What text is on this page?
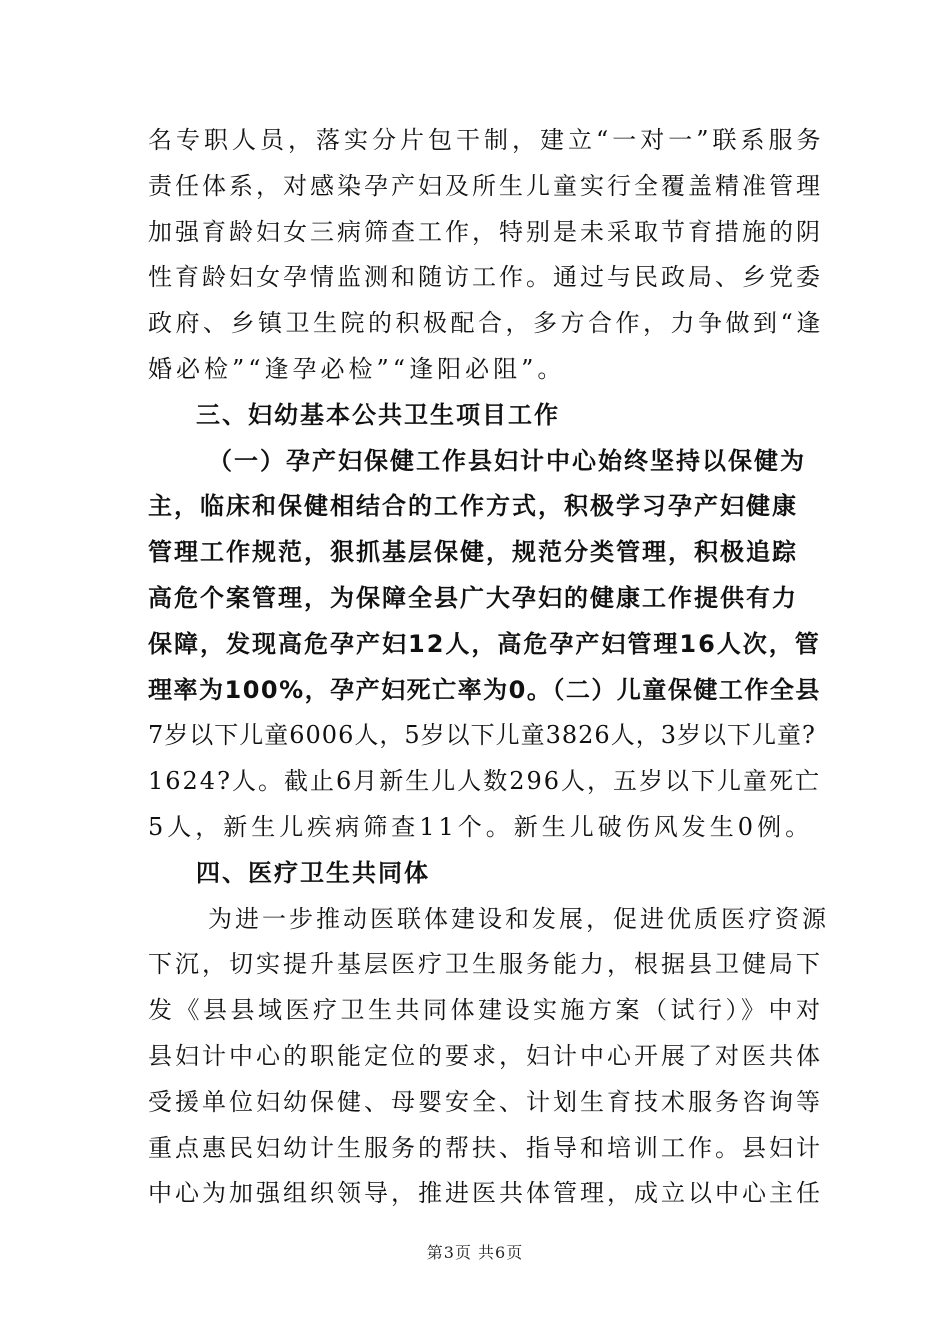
名专职人员，落实分片包干制，建立“一对一”联系服务
责任体系，对感染孕产妇及所生儿童实行全覆盖精准管理
加强育龄妇女三病筛查工作，特别是未采取节育措施的阴
性育龄妇女孕情监测和随访工作。通过与民政局、乡党委
政府、乡镇卫生院的积极配合，多方合作，力争做到“逢
婚必检”“逢孕必检”“逢阳必阻”。
三、妇幼基本公共卫生项目工作
（一）孕产妇保健工作县妇计中心始终坚持以保健为
主，临床和保健相结合的工作方式，积极学习孕产妇健康
管理工作规范，狠抓基层保健，规范分类管理，积极追踪
高危个案管理，为保障全县广大孕妇的健康工作提供有力
保障，发现高危孕产妇12人，高危孕产妇管理16人次，管
理率为100%，孕产妇死亡率为0。（二）儿童保健工作全县
7岁以下儿童6006人，5岁以下儿童3826人，3岁以下儿童?
1624?人。截止6月新生儿人数296人，五岁以下儿童死亡
5人，新生儿疾病筛查11个。新生儿破伤风发生0例。
四、医疗卫生共同体
为进一步推动医联体建设和发展，促进优质医疗资源
下沉，切实提升基层医疗卫生服务能力，根据县卫健局下
发《县县域医疗卫生共同体建设实施方案（试行）》中对
县妇计中心的职能定位的要求，妇计中心开展了对医共体
受援单位妇幼保健、母婴安全、计划生育技术服务咨询等
重点惠民妇幼计生服务的帮扶、指导和培训工作。县妇计
中心为加强组织领导，推进医共体管理，成立以中心主任
第3页 共6页
